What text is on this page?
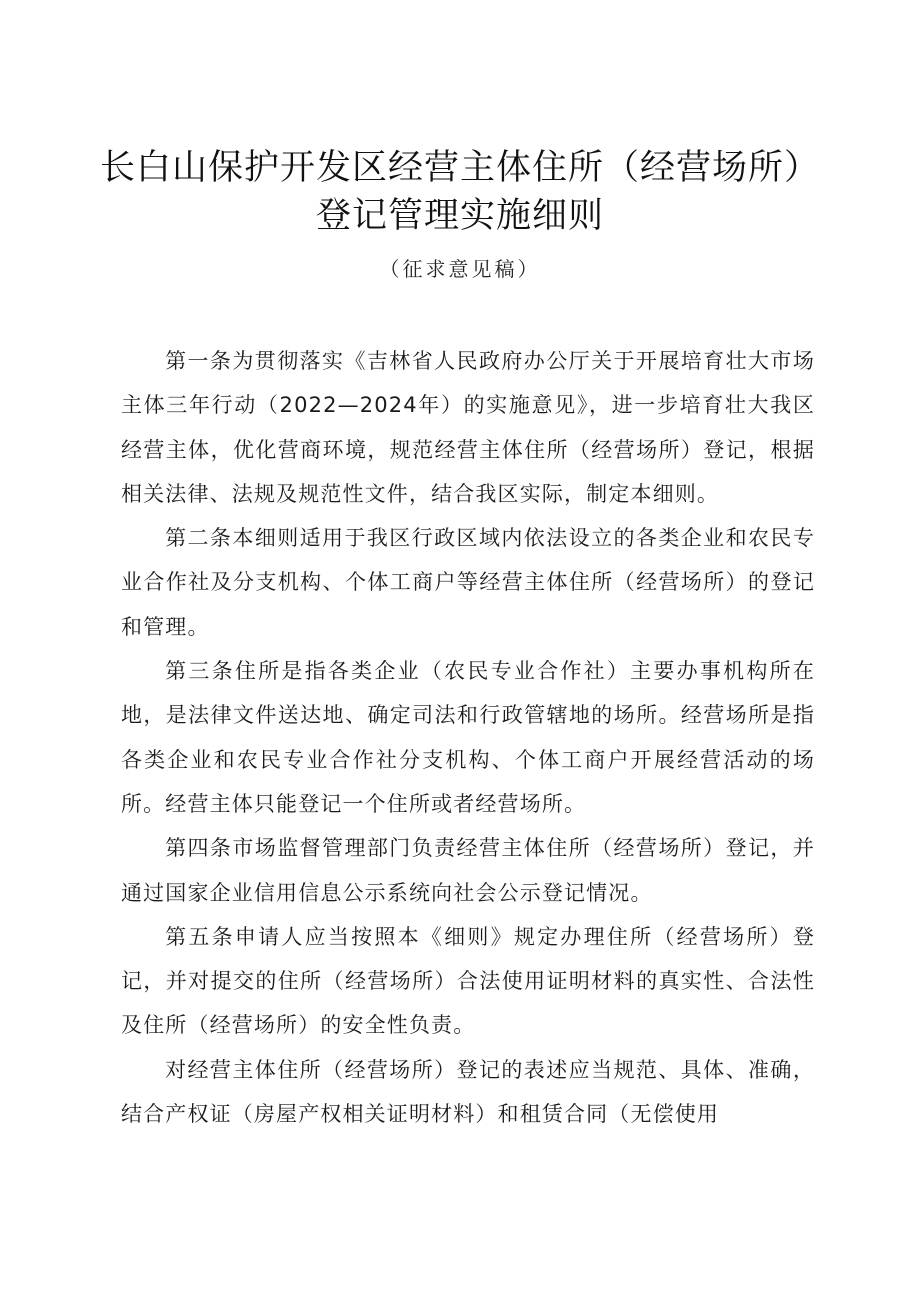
长白山保护开发区经营主体住所（经营场所）
登记管理实施细则
（征求意见稿）

第一条为贯彻落实《吉林省人民政府办公厅关于开展培育壮大市场主体三年行动（2022—2024年）的实施意见》，进一步培育壮大我区经营主体，优化营商环境，规范经营主体住所（经营场所）登记，根据相关法律、法规及规范性文件，结合我区实际，制定本细则。

第二条本细则适用于我区行政区域内依法设立的各类企业和农民专业合作社及分支机构、个体工商户等经营主体住所（经营场所）的登记和管理。

第三条住所是指各类企业（农民专业合作社）主要办事机构所在地，是法律文件送达地、确定司法和行政管辖地的场所。经营场所是指各类企业和农民专业合作社分支机构、个体工商户开展经营活动的场所。经营主体只能登记一个住所或者经营场所。

第四条市场监督管理部门负责经营主体住所（经营场所）登记，并通过国家企业信用信息公示系统向社会公示登记情况。

第五条申请人应当按照本《细则》规定办理住所（经营场所）登记，并对提交的住所（经营场所）合法使用证明材料的真实性、合法性及住所（经营场所）的安全性负责。

对经营主体住所（经营场所）登记的表述应当规范、具体、准确，结合产权证（房屋产权相关证明材料）和租赁合同（无偿使用
